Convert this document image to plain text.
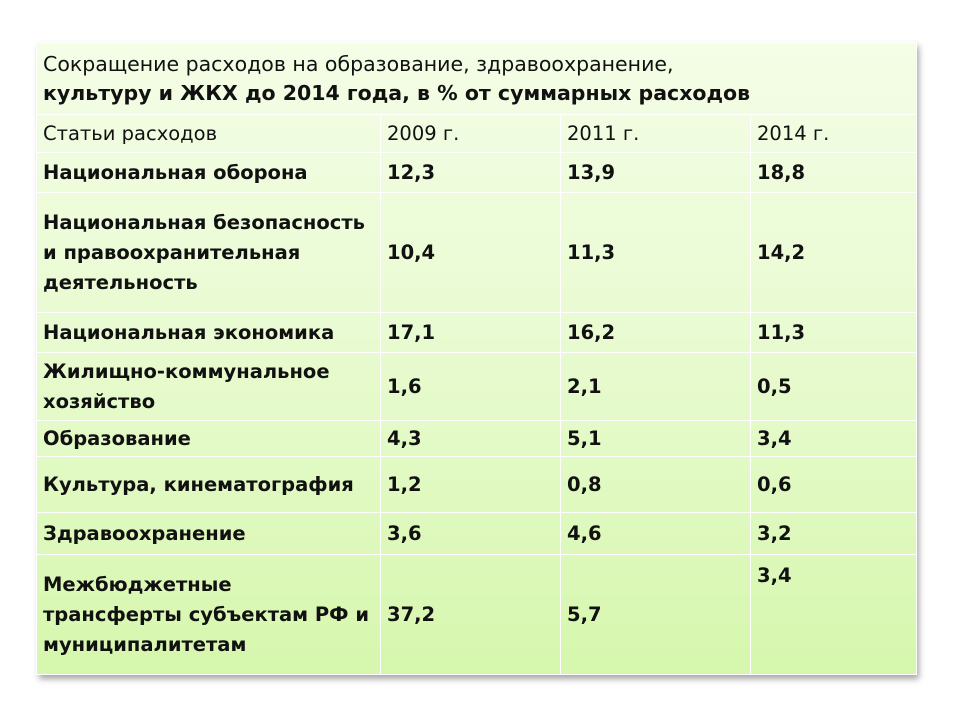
Сокращение расходов на образование, здравоохранение,
культуру и ЖКХ до 2014 года, в % от суммарных расходов			

Статьи расходов	2009 г.	2011 г.	2014 г.
Национальная оборона	12,3	13,9	18,8
Национальная безопасность и правоохранительная деятельность	10,4	11,3	14,2
Национальная экономика	17,1	16,2	11,3
Жилищно-коммунальное хозяйство	1,6	2,1	0,5
Образование	4,3	5,1	3,4
Культура, кинематография	1,2	0,8	0,6
Здравоохранение	3,6	4,6	3,2
Межбюджетные трансферты субъектам РФ и муниципалитетам	37,2	5,7	3,4
